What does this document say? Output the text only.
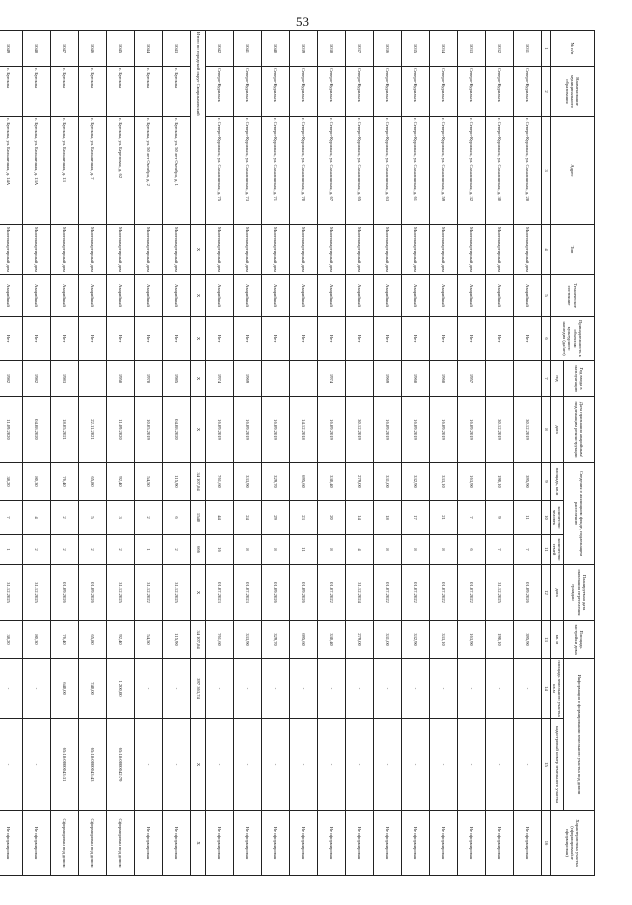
53
№ п/п	Наименование муниципального образования	Адрес	Тип	Техническое состояние	Принадлежность к объектам культурного наследия (да/нет)	Год ввода в эксплуатацию	Дата признания аварийным/подлежащим реконструкции	Сведения о жилищном фонде, подлежащем расселению			Планируемая дата окончания переселения граждан	Площадь застройки дома	Информация о формировании земельного участка под домом		Характеристика участка (сформирован/не сформирован)
						год	дата	площадь, кв.м	количество человек	количество семей	дата	кв. м	площадь земельного участка
кв.м	кадастровый номер земельного участка	
1	2	3	4	5	6	7	8	9	10	11	12	13	14	15	16
1031	Северо-Курильск	г. Северо-Курильск, ул. Сахалинская, д. 28	Многоквартирный дом	Аварийный	Нет		30.12.2019	395,90	11	7	01.09.2026	395,90	-	-	Не сформирован
1032	Северо-Курильск	г. Северо-Курильск, ул. Сахалинская, д. 30	Многоквартирный дом	Аварийный	Нет		30.12.2019	190,10	9	7	31.12.2025	190,10	-	-	Не сформирован
1033	Северо-Курильск	г. Северо-Курильск, ул. Сахалинская, д. 32	Многоквартирный дом	Аварийный	Нет	1957	16.09.2019	163,90	7	6	01.07.2022	163,90	-	-	Не сформирован
1034	Северо-Курильск	г. Северо-Курильск, ул. Сахалинская, д. 59	Многоквартирный дом	Аварийный	Нет	1968	16.09.2019	333,10	21	8	01.07.2022	333,10	-	-	Не сформирован
1035	Северо-Курильск	г. Северо-Курильск, ул. Сахалинская, д. 61	Многоквартирный дом	Аварийный	Нет	1968	16.09.2019	332,90	17	8	01.07.2022	332,90	-	-	Не сформирован
1036	Северо-Курильск	г. Северо-Курильск, ул. Сахалинская, д. 63	Многоквартирный дом	Аварийный	Нет	1969	16.09.2019	331,00	18	8	01.07.2022	331,00	-	-	Не сформирован
1037	Северо-Курильск	г. Северо-Курильск, ул. Сахалинская, д. 65	Многоквартирный дом	Аварийный	Нет		30.12.2019	279,00	14	4	31.12.2024	279,00	-	-	Не сформирован
1038	Северо-Курильск	г. Северо-Курильск, ул. Сахалинская, д. 67	Многоквартирный дом	Аварийный	Нет	1974	16.09.2019	330,40	20	8	01.07.2022	330,40	-	-	Не сформирован
1039	Северо-Курильск	г. Северо-Курильск, ул. Сахалинская, д. 70	Многоквартирный дом	Аварийный	Нет		14.12.2018	695,60	23	11	01.09.2026	695,60	-	-	Не сформирован
1040	Северо-Курильск	г. Северо-Курильск, ул. Сахалинская, д. 71	Многоквартирный дом	Аварийный	Нет		16.09.2019	329,70	29	8	01.09.2026	329,70	-	-	Не сформирован
1041	Северо-Курильск	г. Северо-Курильск, ул. Сахалинская, д. 73	Многоквартирный дом	Аварийный	Нет	1969	16.09.2019	333,90	24	8	01.07.2023	333,90	-	-	Не сформирован
1042	Северо-Курильск	г. Северо-Курильск, ул. Сахалинская, д. 75	Многоквартирный дом	Аварийный	Нет	1974	16.09.2019	761,60	44	16	01.07.2023	761,60	-	-	Не сформирован
Итого по городской округ Смирныховский			X	X	X	X	X	34 107,84	1540	666	X	34 107,84	397 363,74	X	X
1043	с. Буюклы	с. Буюклы, ул. 50 лет Октября, д. 1	Многоквартирный дом	Аварийный	Нет	1985	04.08.2020	115,90	6	2	31.12.2025	115,90	-	-	Не сформирован
1044	с. Буюклы	с. Буюклы, ул. 50 лет Октября, д. 2	Многоквартирный дом	Аварийный	Нет	1978	10.05.2019	54,50	2	1	31.12.2022	54,50	-	-	Не сформирован
1045	с. Буюклы	с. Буюклы, ул. Березовая, д. 62	Многоквартирный дом	Аварийный	Нет	1958	11.09.2020	92,40	3	2	31.12.2025	92,40	1 200,00	65:18:0000042:79	Сформирован под домом
1046	с. Буюклы	с. Буюклы, ул. Больничная, д. 7	Многоквартирный дом	Аварийный	Нет		22.11.2021	65,80	5	2	01.09.2026	65,80	740,00	65:18:0000043:43	Сформирован под домом
1047	с. Буюклы	с. Буюклы, ул. Больничная, д. 13	Многоквартирный дом	Аварийный	Нет	1983	18.05.2021	76,40	2	2	01.09.2026	76,40	640,00	65:18:0000043:31	Сформирован под домом
1048	с. Буюклы	с. Буюклы, ул. Больничная, д. 13А	Многоквартирный дом	Аварийный	Нет	1982	04.08.2020	80,30	4	2	31.12.2025	80,30	-	-	Не сформирован
1049	с. Буюклы	с. Буюклы, ул. Больничная, д. 14А	Многоквартирный дом	Аварийный	Нет	1982	11.09.2020	38,20	7	1	31.12.2025	38,20	-	-	Не сформирован
